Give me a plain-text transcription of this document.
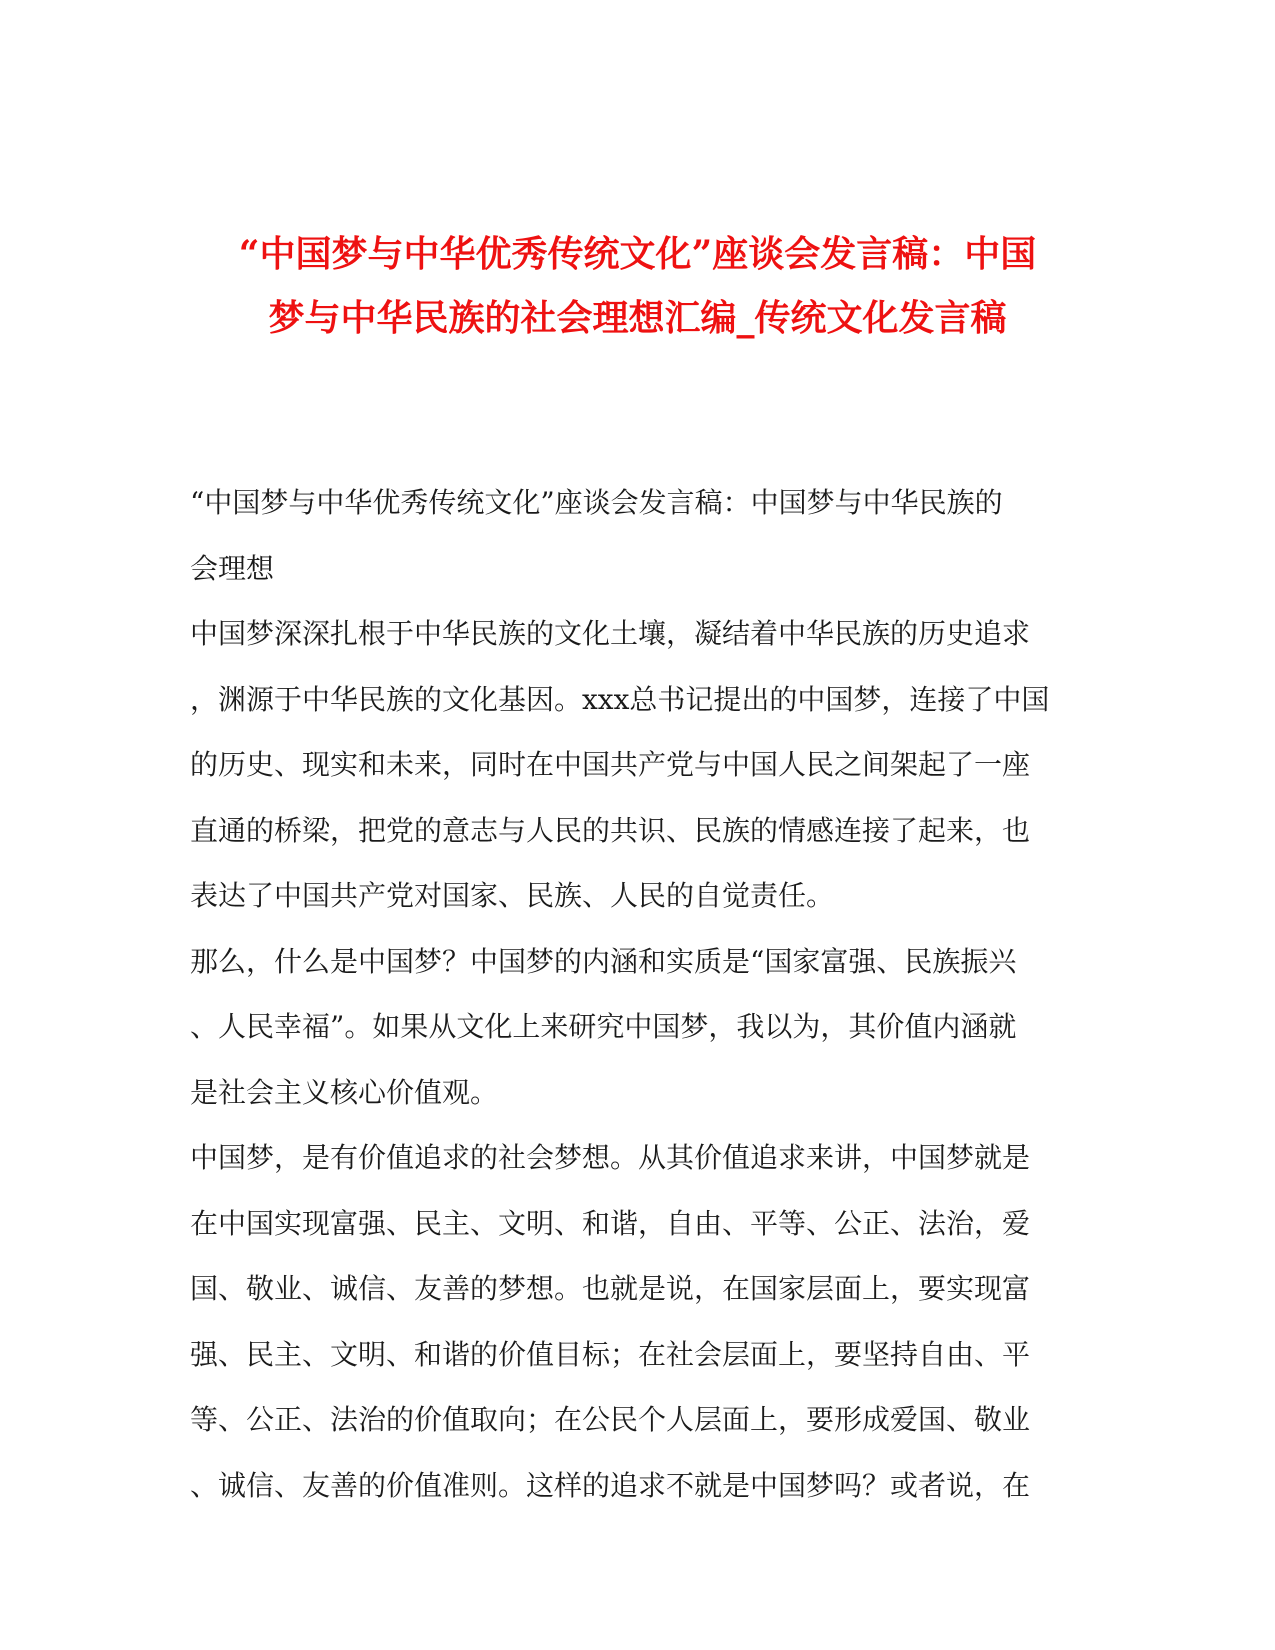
“中国梦与中华优秀传统文化”座谈会发言稿：中国
梦与中华民族的社会理想汇编_传统文化发言稿
“中国梦与中华优秀传统文化”座谈会发言稿：中国梦与中华民族的
会理想
中国梦深深扎根于中华民族的文化土壤，凝结着中华民族的历史追求
，渊源于中华民族的文化基因。xxx总书记提出的中国梦，连接了中国
的历史、现实和未来，同时在中国共产党与中国人民之间架起了一座
直通的桥梁，把党的意志与人民的共识、民族的情感连接了起来，也
表达了中国共产党对国家、民族、人民的自觉责任。
那么，什么是中国梦？中国梦的内涵和实质是“国家富强、民族振兴
、人民幸福”。如果从文化上来研究中国梦，我以为，其价值内涵就
是社会主义核心价值观。
中国梦，是有价值追求的社会梦想。从其价值追求来讲，中国梦就是
在中国实现富强、民主、文明、和谐，自由、平等、公正、法治，爱
国、敬业、诚信、友善的梦想。也就是说，在国家层面上，要实现富
强、民主、文明、和谐的价值目标；在社会层面上，要坚持自由、平
等、公正、法治的价值取向；在公民个人层面上，要形成爱国、敬业
、诚信、友善的价值准则。这样的追求不就是中国梦吗？或者说，在
